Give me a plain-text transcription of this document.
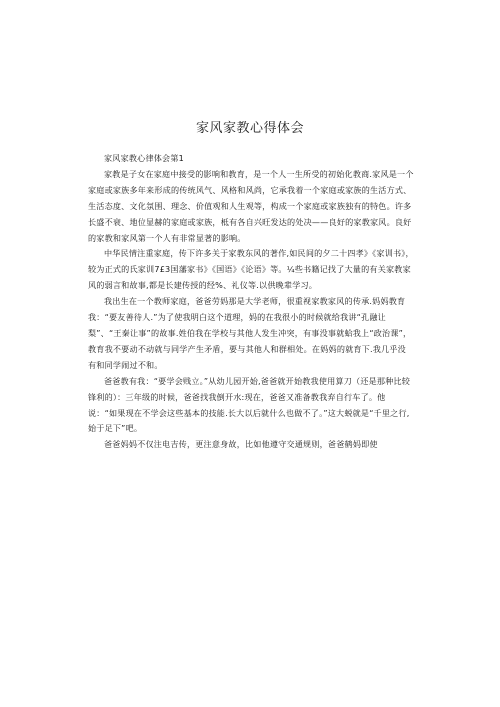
家风家教心得体会

家风家教心律体会第1

家教是子女在家庭中接受的影响和教育，是一个人一生所受的初始化教商.家风是一个家庭或家族多年来形成的传统风气、风格和风尚，它承我着一个家庭或家族的生活方式、生活态度、文化氛围、理念、价值观和人生观等，构成一个家庭或家族独有的特色。许多长盛不衰、地位显赫的家庭或家族，柢有各自兴旺发达的处决——良好的家教家风。良好的家教和家风第一个人有非常显著的影响。

中华民情注重家庭，传下许多关于家教东风的著作,如民间的夕二十四孝》《家训书》，较为正式的氏家训7£3国藩家书》《国语》《论语》等。¼些书籍记找了大量的有关家教家风的弱言和故事,都是长建传授的经%、礼仪等.以供晚辈学习。

我出生在一个教师家庭，爸爸劳妈那是大学老师，很重视家教家风的传承.妈妈教育我：“要友善待人.”为了使我明白这个道理，妈的在我很小的时候就给我讲“孔融让梨”、“王秦让事”的故事.姓伯我在学校与其他人发生冲突，有事没事就蛤我上“政治课”，教育我不要动不动就与同学产生矛盾，要与其他人和群相处。在妈妈的就育下.我几乎没有和同学闹过不和。

爸爸教有我：“要学会贱立。”从幼儿园开始,爸爸就开始教我使用算刀（还是那种比较锋利的）：三年级的时候，爸爸找我倒开水:现在，爸爸又准备教我弃自行车了。他说：“如果现在不学会这些基本的技能.长大以后就什么也做不了。”这大蜕就是“千里之行,始于足下”吧。

爸爸妈妈不仅注电吉传，更注意身故，比如他遵守交通规则，爸爸鹤妈即使
